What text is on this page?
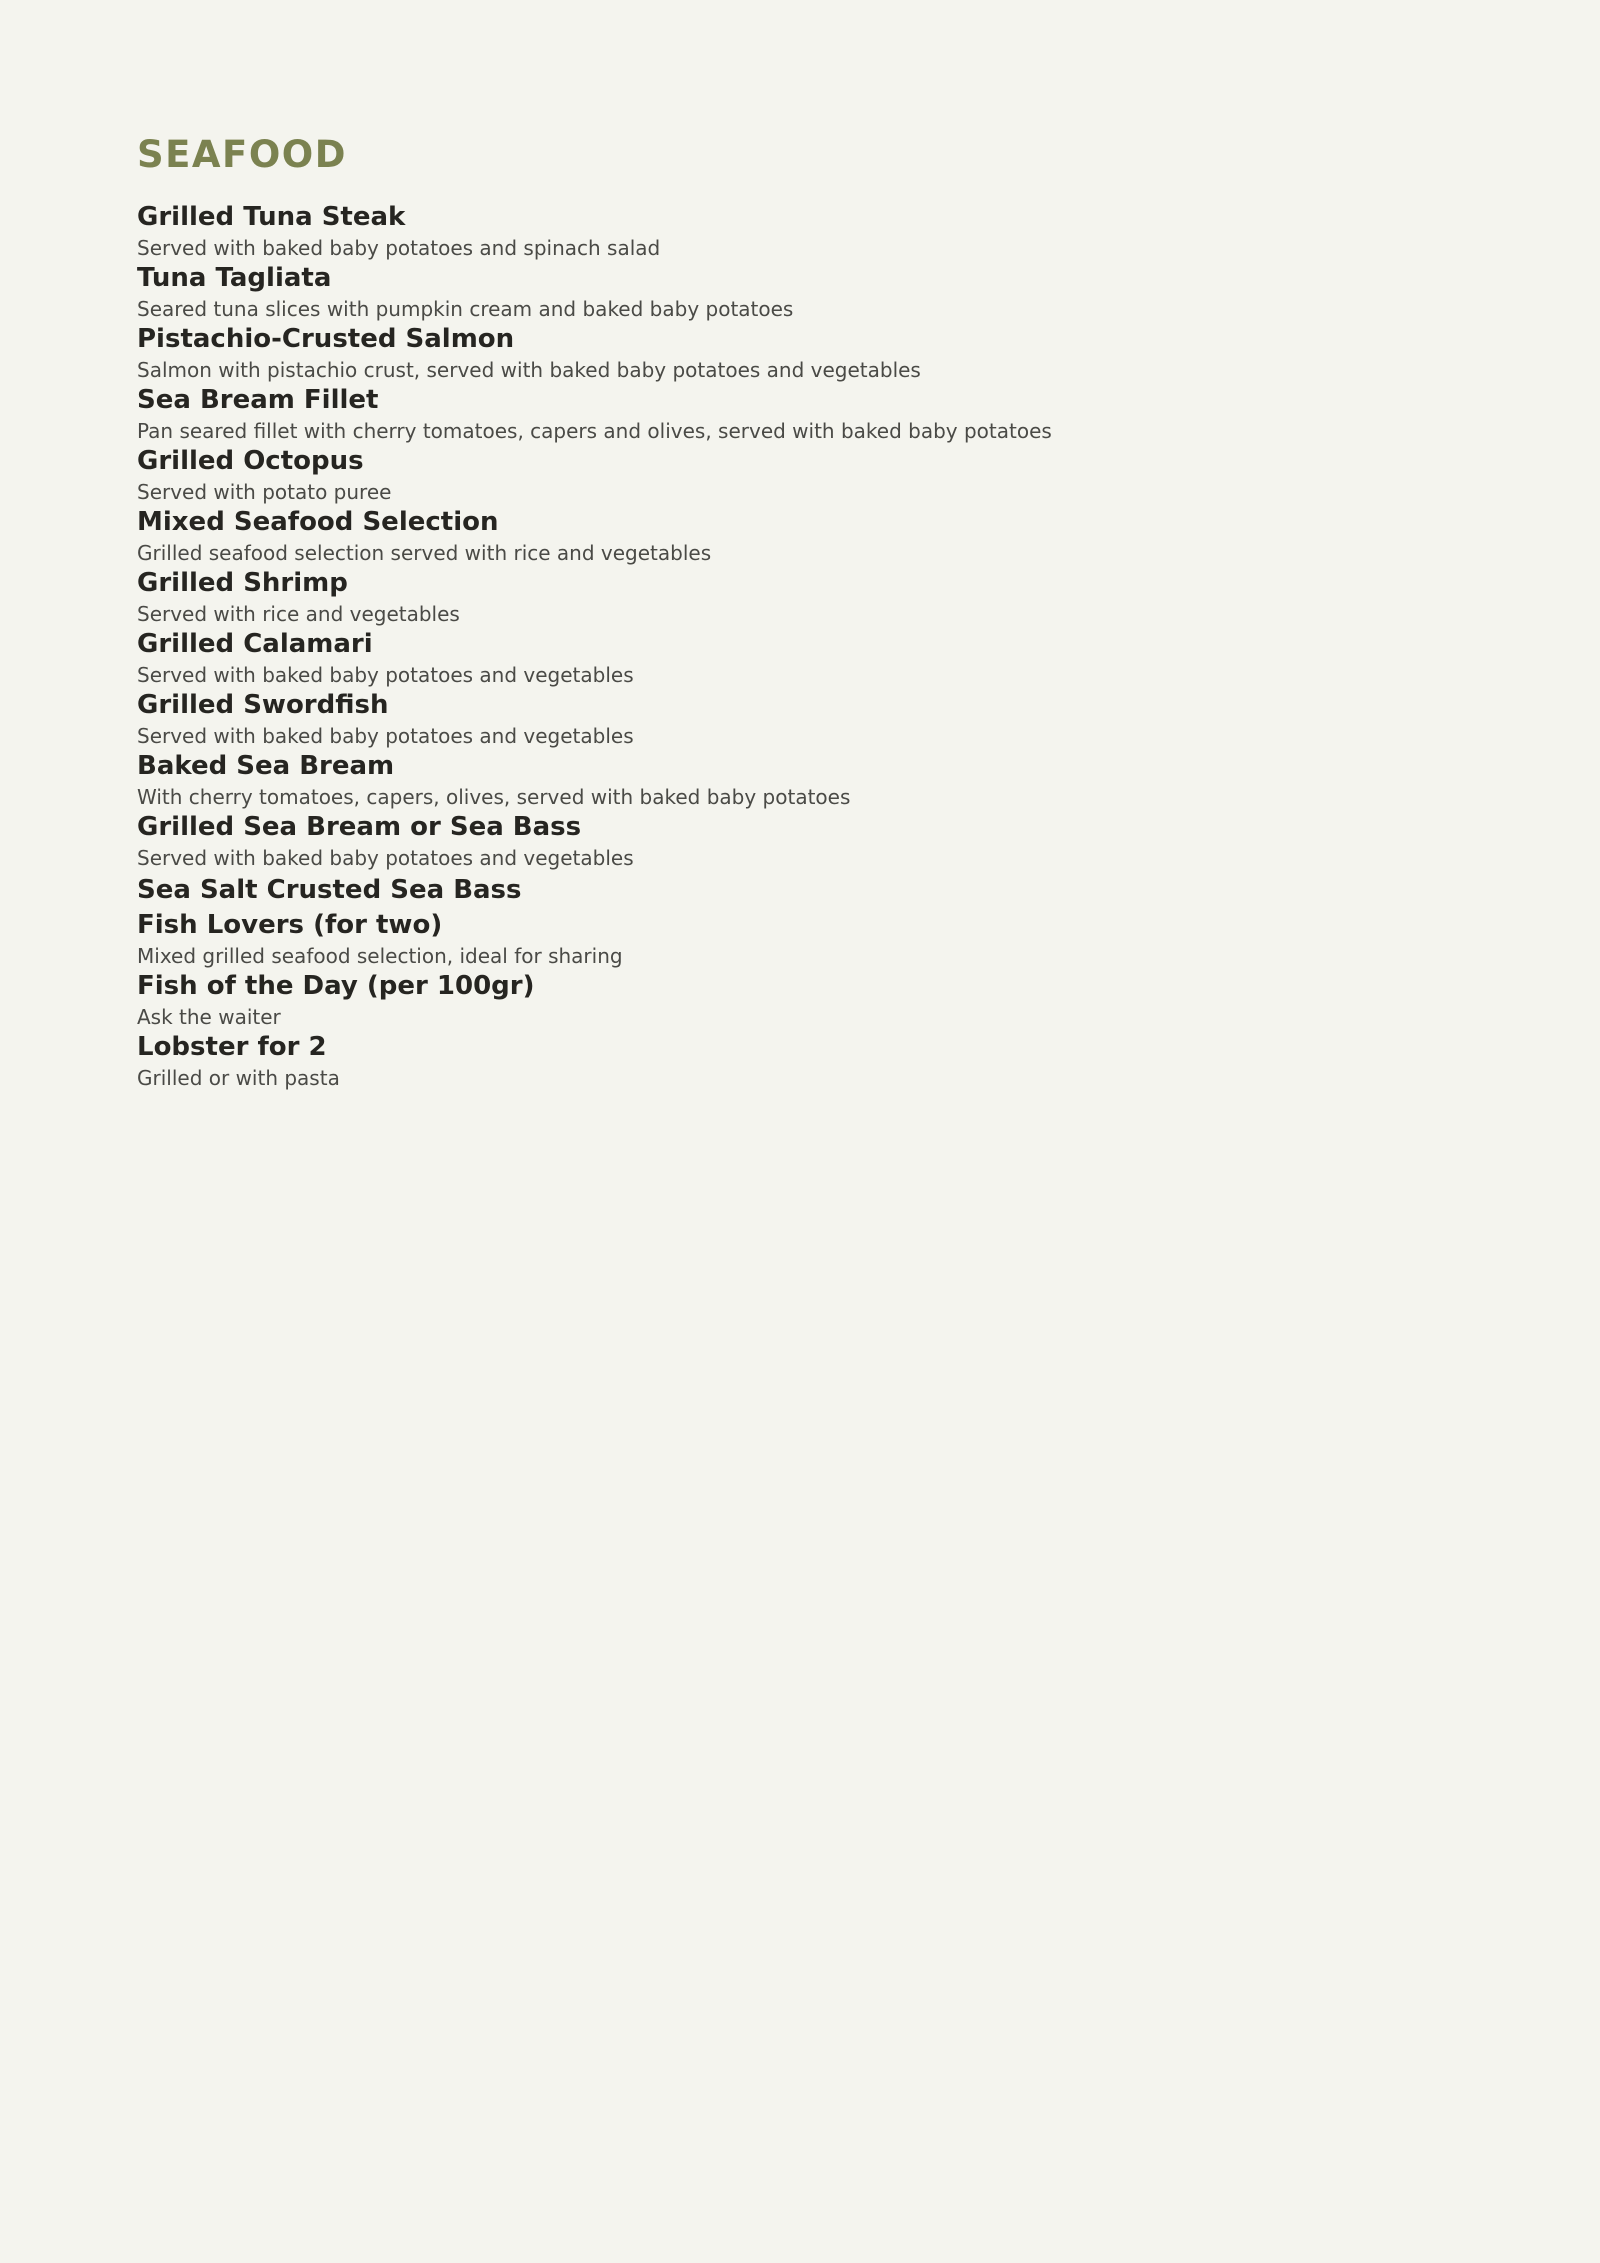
SEAFOOD
Grilled Tuna Steak
Served with baked baby potatoes and spinach salad
Tuna Tagliata
Seared tuna slices with pumpkin cream and baked baby potatoes
Pistachio-Crusted Salmon
Salmon with pistachio crust, served with baked baby potatoes and vegetables
Sea Bream Fillet
Pan seared fillet with cherry tomatoes, capers and olives, served with baked baby potatoes
Grilled Octopus
Served with potato puree
Mixed Seafood Selection
Grilled seafood selection served with rice and vegetables
Grilled Shrimp
Served with rice and vegetables
Grilled Calamari
Served with baked baby potatoes and vegetables
Grilled Swordfish
Served with baked baby potatoes and vegetables
Baked Sea Bream
With cherry tomatoes, capers, olives, served with baked baby potatoes
Grilled Sea Bream or Sea Bass
Served with baked baby potatoes and vegetables
Sea Salt Crusted Sea Bass
Fish Lovers (for two)
Mixed grilled seafood selection, ideal for sharing
Fish of the Day (per 100gr)
Ask the waiter
Lobster for 2
Grilled or with pasta
